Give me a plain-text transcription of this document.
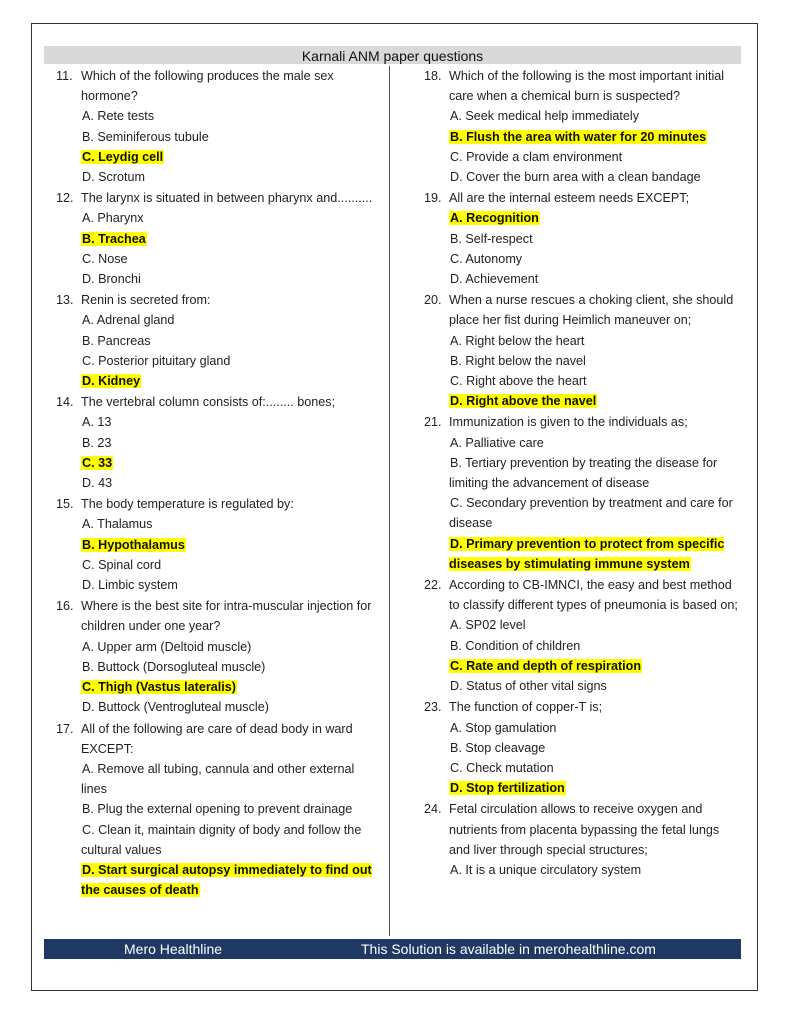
Karnali ANM paper questions
11. Which of the following produces the male sex hormone?
A. Rete tests
B. Seminiferous tubule
C. Leydig cell
D. Scrotum
12. The larynx is situated in between pharynx and..........
A. Pharynx
B. Trachea
C. Nose
D. Bronchi
13. Renin is secreted from:
A. Adrenal gland
B. Pancreas
C. Posterior pituitary gland
D. Kidney
14. The vertebral column consists of:........ bones;
A. 13
B. 23
C. 33
D. 43
15. The body temperature is regulated by:
A. Thalamus
B. Hypothalamus
C. Spinal cord
D. Limbic system
16. Where is the best site for intra-muscular injection for children under one year?
A. Upper arm (Deltoid muscle)
B. Buttock (Dorsogluteal muscle)
C. Thigh (Vastus lateralis)
D. Buttock (Ventrogluteal muscle)
17. All of the following are care of dead body in ward EXCEPT:
A. Remove all tubing, cannula and other external lines
B. Plug the external opening to prevent drainage
C. Clean it, maintain dignity of body and follow the cultural values
D. Start surgical autopsy immediately to find out the causes of death
18. Which of the following is the most important initial care when a chemical burn is suspected?
A. Seek medical help immediately
B. Flush the area with water for 20 minutes
C. Provide a clam environment
D. Cover the burn area with a clean bandage
19. All are the internal esteem needs EXCEPT;
A. Recognition
B. Self-respect
C. Autonomy
D. Achievement
20. When a nurse rescues a choking client, she should place her fist during Heimlich maneuver on;
A. Right below the heart
B. Right below the navel
C. Right above the heart
D. Right above the navel
21. Immunization is given to the individuals as;
A. Palliative care
B. Tertiary prevention by treating the disease for limiting the advancement of disease
C. Secondary prevention by treatment and care for disease
D. Primary prevention to protect from specific diseases by stimulating immune system
22. According to CB-IMNCI, the easy and best method to classify different types of pneumonia is based on;
A. SP02 level
B. Condition of children
C. Rate and depth of respiration
D. Status of other vital signs
23. The function of copper-T is;
A. Stop gamulation
B. Stop cleavage
C. Check mutation
D. Stop fertilization
24. Fetal circulation allows to receive oxygen and nutrients from placenta bypassing the fetal lungs and liver through special structures;
A. It is a unique circulatory system
Mero Healthline	This Solution is available in merohealthline.com
